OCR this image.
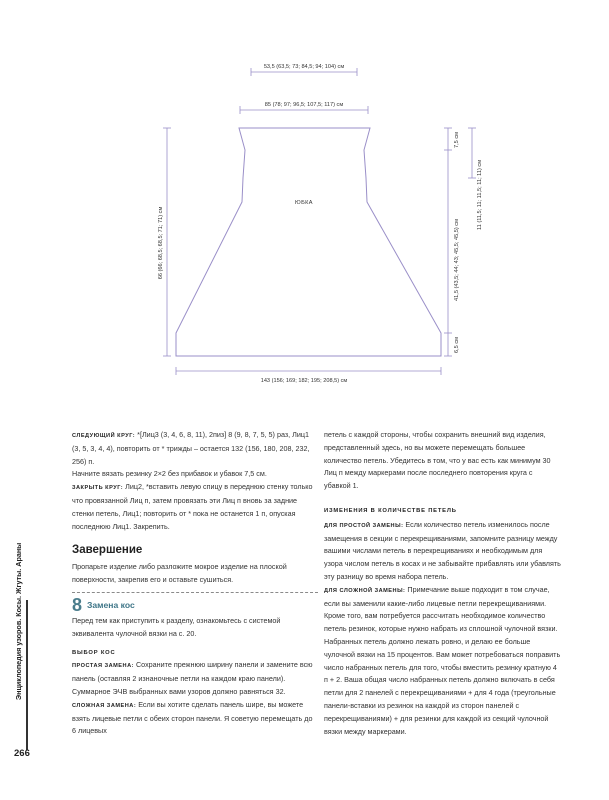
53,5 (63,5; 73; 84,5; 94; 104) см
85 (78; 97; 96,5; 107,5; 117) см
ЮБКА
66 (66; 68,5; 68,5; 71; 71) см
7,5 см
11 (11,5; 11; 11,5; 11; 11) см
41,5 (43,5; 44; 43; 45,5; 45,5) см
6,5 см
143 (156; 169; 182; 195; 208,5) см

СЛЕДУЮЩИЙ КРУГ: *[Лиц3 (3, 4, 6, 8, 11), 2пиз] 8 (9, 8, 7, 5, 5) раз, Лиц1 (3, 5, 3, 4, 4), повторить от * трижды – остается 132 (156, 180, 208, 232, 256) п.

Начните вязать резинку 2×2 без прибавок и убавок 7,5 см.

ЗАКРЫТЬ КРУГ: Лиц2, *вставить левую спицу в переднюю стенку только что провязанной Лиц п, затем провязать эти Лиц п вновь за задние стенки петель, Лиц1; повторить от * пока не останется 1 п, опуская последнюю Лиц1. Закрепить.

Завершение

Пропарьте изделие либо разложите мокрое изделие на плоской поверхности, закрепив его и оставьте сушиться.

8 Замена кос

Перед тем как приступить к разделу, ознакомьтесь с системой эквивалента чулочной вязки на с. 20.

ВЫБОР КОС

ПРОСТАЯ ЗАМЕНА: Сохраните прежнюю ширину панели и замените всю панель (оставляя 2 изнаночные петли на каждом краю панели). Суммарное ЭЧВ выбранных вами узоров должно равняться 32.

СЛОЖНАЯ ЗАМЕНА: Если вы хотите сделать панель шире, вы можете взять лицевые петли с обеих сторон панели. Я советую перемещать до 6 лицевых

петель с каждой стороны, чтобы сохранить внешний вид изделия, представленный здесь, но вы можете перемещать большее количество петель. Убедитесь в том, что у вас есть как минимум 30 Лиц п между маркерами после последнего повторения круга с убавкой 1.

ИЗМЕНЕНИЯ В КОЛИЧЕСТВЕ ПЕТЕЛЬ

ДЛЯ ПРОСТОЙ ЗАМЕНЫ: Если количество петель изменилось после замещения в секции с перекрещиваниями, запомните разницу между вашими числами петель в перекрещиваниях и необходимым для узора числом петель в косах и не забывайте прибавлять или убавлять эту разницу во время набора петель.

ДЛЯ СЛОЖНОЙ ЗАМЕНЫ: Примечание выше подходит в том случае, если вы заменили какие-либо лицевые петли перекрещиваниями. Кроме того, вам потребуется рассчитать необходимое количество петель резинок, которые нужно набрать из сплошной чулочной вязки. Набранных петель должно лежать ровно, и делаю ее больше чулочной вязки на 15 процентов. Вам может потребоваться поправить число набранных петель для того, чтобы вместить резинку кратную 4 п + 2. Ваша общая число набранных петель должно включать в себя петли для 2 панелей с перекрещиваниями + для 4 года (треугольные панели-вставки из резинок на каждой из сторон панелей с перекрещиваниями) + для резинки для каждой из секций чулочной вязки между маркерами.

Энциклопедия узоров. Косы. Жгуты. Араны
266
